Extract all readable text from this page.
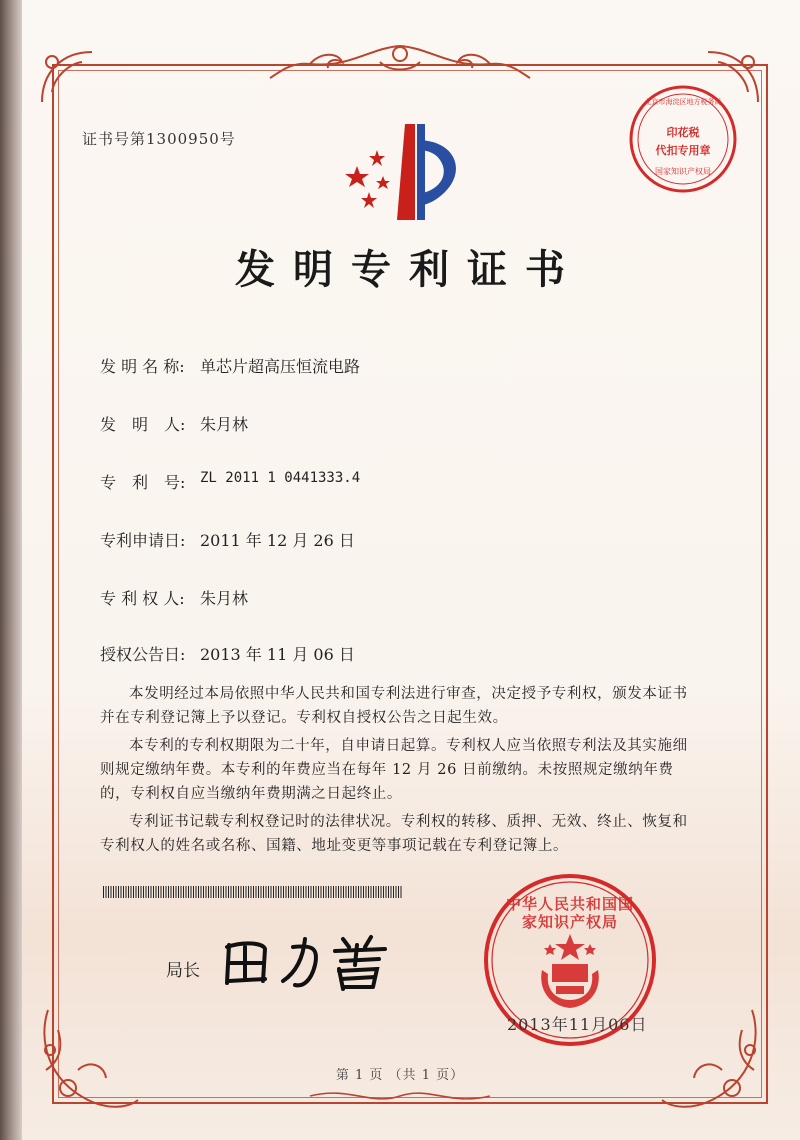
北京市海淀区地方税务局
印花税
代扣专用章
国家知识产权局
证书号第1300950号
发明专利证书
发 明 名 称: 单芯片超高压恒流电路
发　明　人: 朱月林
专　利　号:	ZL 2011 1 0441333.4
专利申请日: 2011 年 12 月 26 日
专 利 权 人: 朱月林
授权公告日: 2013 年 11 月 06 日

本发明经过本局依照中华人民共和国专利法进行审查，决定授予专利权，颁发本证书并在专利登记簿上予以登记。专利权自授权公告之日起生效。

本专利的专利权期限为二十年，自申请日起算。专利权人应当依照专利法及其实施细则规定缴纳年费。本专利的年费应当在每年 12 月 26 日前缴纳。未按照规定缴纳年费的，专利权自应当缴纳年费期满之日起终止。

专利证书记载专利权登记时的法律状况。专利权的转移、质押、无效、终止、恢复和专利权人的姓名或名称、国籍、地址变更等事项记载在专利登记簿上。

局长
中华人民共和国国家知识产权局
2013年11月06日
第 1 页 （共 1 页）
